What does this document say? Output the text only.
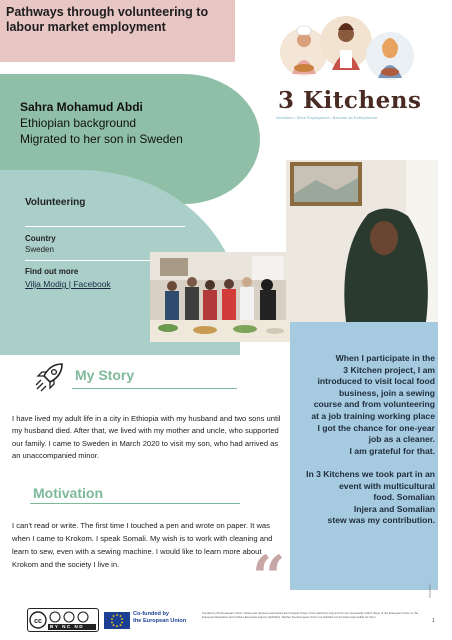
Pathways through volunteering to labour market employment
Sahra Mohamud Abdi
Ethiopian background
Migrated to her son in Sweden
Volunteering
Country
Sweden
Find out more
Vilja Modig | Facebook
3 Kitchens
Volunteer • Seek Employment • Become an Entrepreneur
When I participate in the
3 Kitchen project, I am
introduced to visit local food
business, join a sewing
course and from volunteering
at a job training working place
I got the chance for one-year
job as a cleaner.
I am grateful for that.
In 3 Kitchens we took part in an
event with multicultural
food. Somalian
Injera and Somalian
stew was my contribution.
“
My Story
I have lived my adult life in a city in Ethiopia with my husband and two sons until my husband died. After that, we lived with my mother and uncle, who supported our family. I came to Sweden in March 2020 to visit my son, who had arrived as an unaccompanied minor.
Motivation
I can't read or write. The first time I touched a pen and wrote on paper. It was when I came to Krokom. I speak Somali. My wish is to work with cleaning and learn to sew, even with a sewing machine. I would like to learn more about Krokom and the society I live in.
cc
BY NC ND
Co-funded by
the European Union
Funded by the European Union. Views and opinions expressed are however those of the author(s) only and do not necessarily reflect those of the European Union or the European Education and Culture Executive Agency (EACEA). Neither the European Union nor EACEA can be held responsible for them.
Volunteer
1
